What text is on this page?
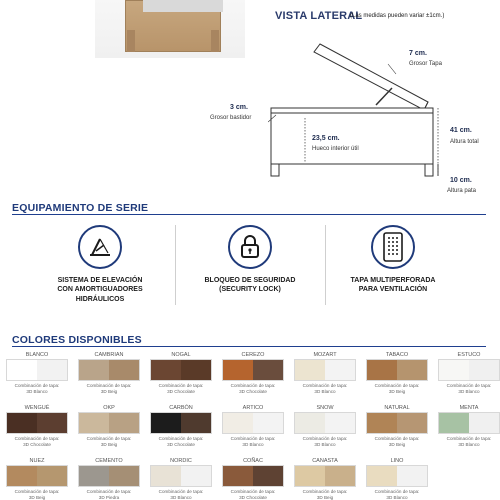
VISTA LATERAL
(Las medidas pueden variar ±1cm.)
7 cm.
Grosor Tapa
3 cm.
Grosor bastidor
23,5 cm.
Hueco interior útil
41 cm.
Altura total
10 cm.
Altura pata
EQUIPAMIENTO DE SERIE
SISTEMA DE ELEVACIÓN
CON AMORTIGUADORES
HIDRÁULICOS
BLOQUEO DE SEGURIDAD
(SECURITY LOCK)
TAPA MULTIPERFORADA
PARA VENTILACIÓN
COLORES DISPONIBLES
BLANCO
Combinación de tapa:
3D Blanco
CAMBRIAN
Combinación de tapa:
3D Beig
NOGAL
Combinación de tapa:
3D Chocolate
CEREZO
Combinación de tapa:
3D Chocolate
MOZART
Combinación de tapa:
3D Blanco
TABACO
Combinación de tapa:
3D Beig
ESTUCO
Combinación de tapa:
3D Blanco
WENGUÉ
Combinación de tapa:
3D Chocolate
OKP
Combinación de tapa:
3D Beig
CARBÓN
Combinación de tapa:
3D Chocolate
ARTICO
Combinación de tapa:
3D Blanco
SNOW
Combinación de tapa:
3D Blanco
NATURAL
Combinación de tapa:
3D Beig
MENTA
Combinación de tapa:
3D Blanco
NUEZ
Combinación de tapa:
3D Beig
CEMENTO
Combinación de tapa:
3D Piedra
NORDIC
Combinación de tapa:
3D Blanco
COÑAC
Combinación de tapa:
3D Chocolate
CANASTA
Combinación de tapa:
3D Beig
LINO
Combinación de tapa:
3D Blanco
